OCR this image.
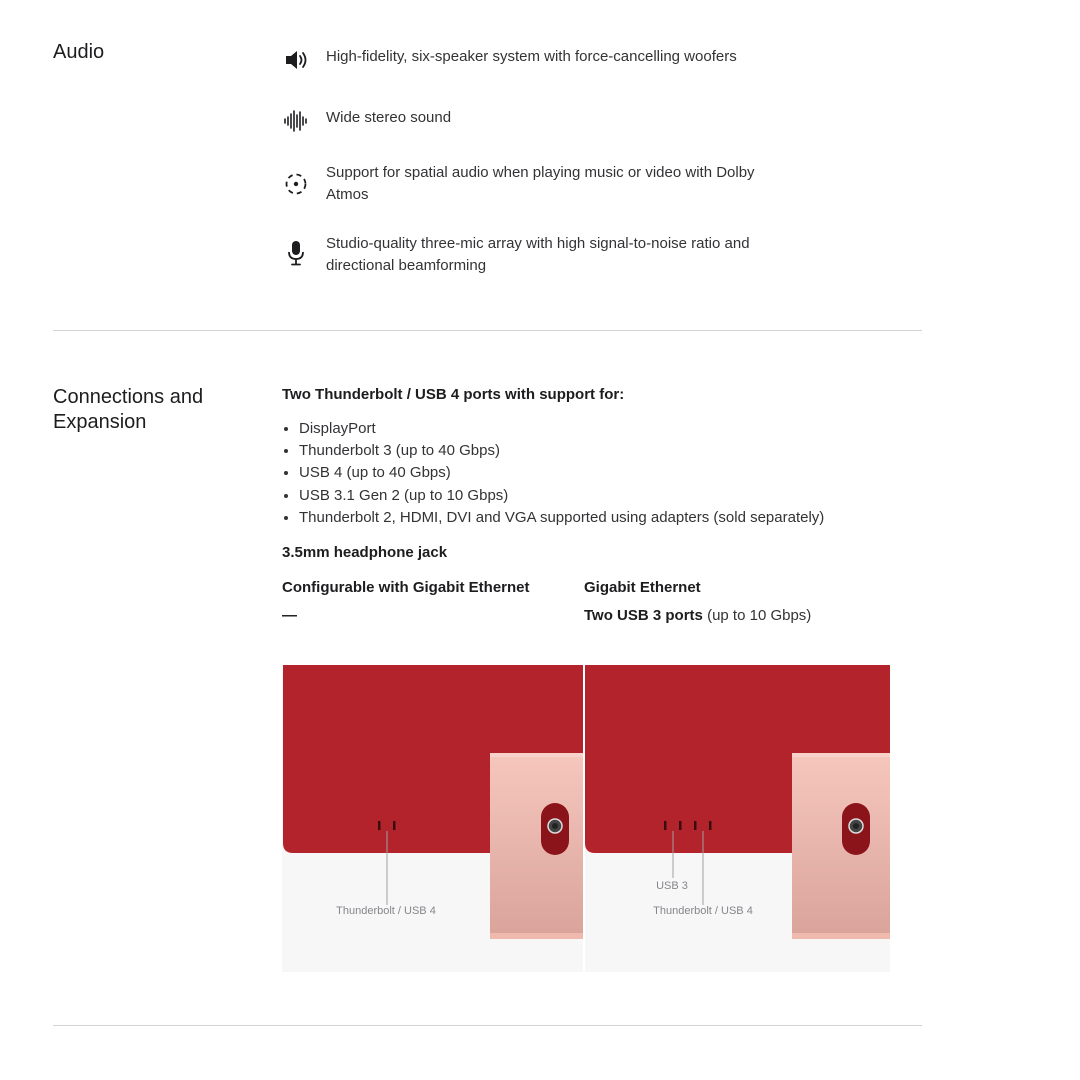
Audio	High-fidelity, six-speaker system with force-cancelling woofers
Wide stereo sound
Support for spatial audio when playing music or video with Dolby Atmos
Studio-quality three-mic array with high signal-to-noise ratio and directional beamforming
Connections and Expansion
Two Thunderbolt / USB 4 ports with support for:
• DisplayPort
• Thunderbolt 3 (up to 40 Gbps)
• USB 4 (up to 40 Gbps)
• USB 3.1 Gen 2 (up to 10 Gbps)
• Thunderbolt 2, HDMI, DVI and VGA supported using adapters (sold separately)
3.5mm headphone jack
Configurable with Gigabit Ethernet
—
Gigabit Ethernet
Two USB 3 ports (up to 10 Gbps)
Thunderbolt / USB 4
USB 3
Thunderbolt / USB 4
